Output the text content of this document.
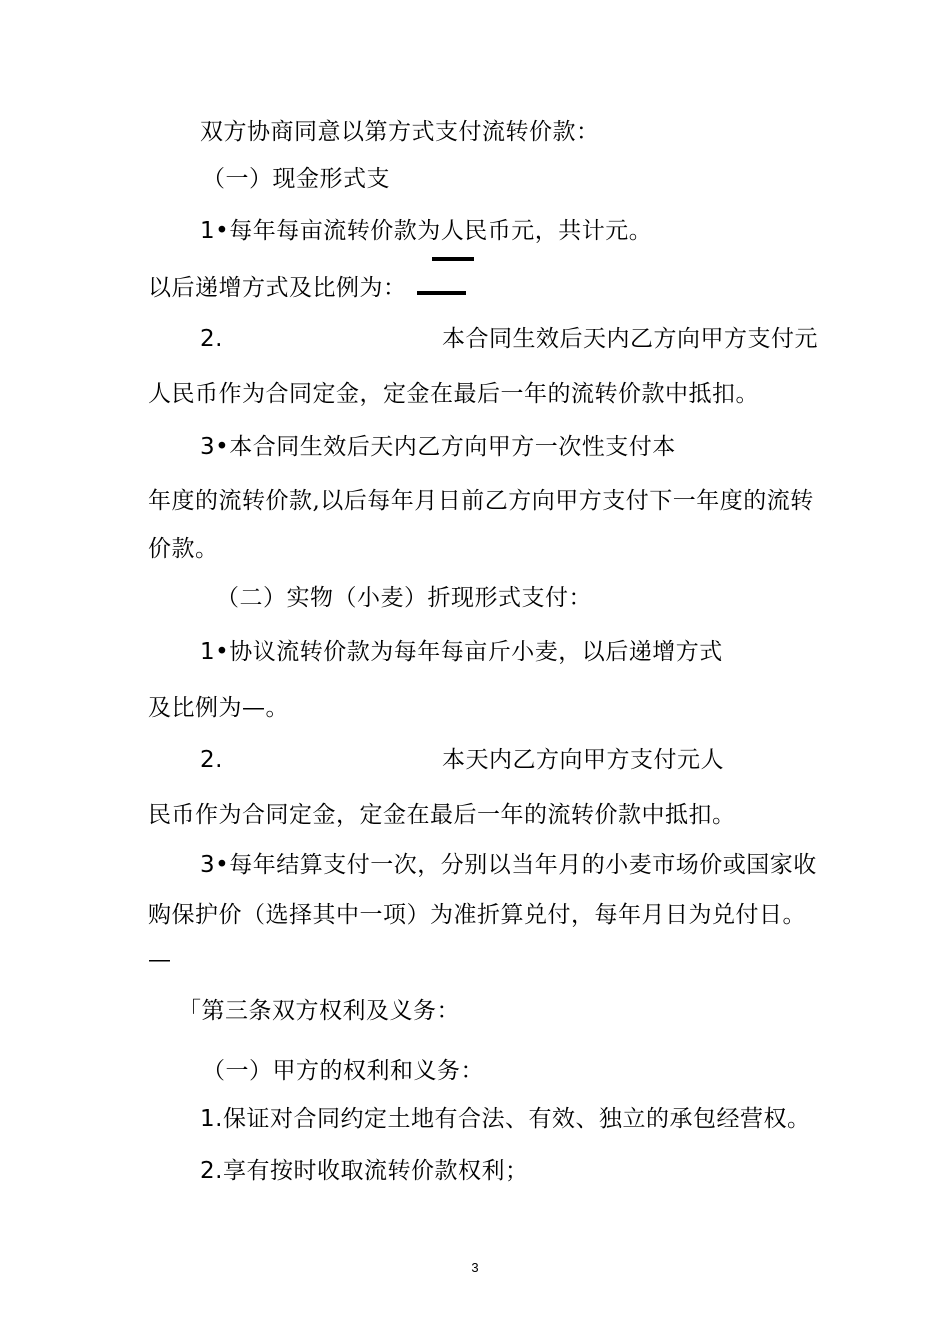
双方协商同意以第方式支付流转价款：

（一）现金形式支

1•每年每亩流转价款为人民币元，共计元。

以后递增方式及比例为：

2.	本合同生效后天内乙方向甲方支付元

人民币作为合同定金，定金在最后一年的流转价款中抵扣。

3•本合同生效后天内乙方向甲方一次性支付本

年度的流转价款,以后每年月日前乙方向甲方支付下一年度的流转

价款。

（二）实物（小麦）折现形式支付：

1•协议流转价款为每年每亩斤小麦，以后递增方式

及比例为—。

2.	本天内乙方向甲方支付元人

民币作为合同定金，定金在最后一年的流转价款中抵扣。

3•每年结算支付一次，分别以当年月的小麦市场价或国家收

购保护价（选择其中一项）为准折算兑付，每年月日为兑付日。

—

「第三条双方权利及义务：

（一）甲方的权利和义务：

1.保证对合同约定土地有合法、有效、独立的承包经营权。

2.享有按时收取流转价款权利；

3
